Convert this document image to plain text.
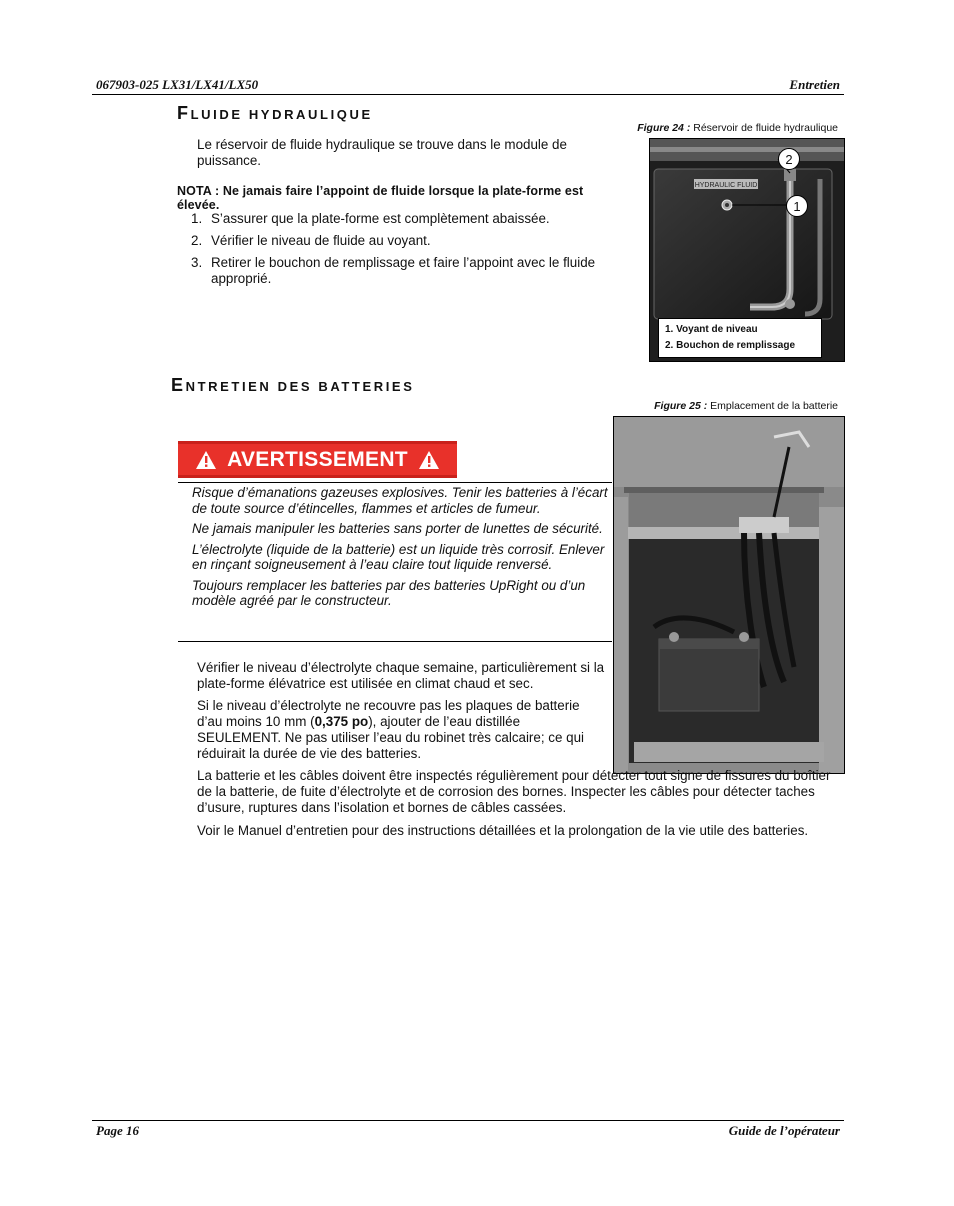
067903-025 LX31/LX41/LX50	Entretien
FLUIDE HYDRAULIQUE
Le réservoir de fluide hydraulique se trouve dans le module de puissance.
NOTA : Ne jamais faire l’appoint de fluide lorsque la plate-forme est élevée.
1. S’assurer que la plate-forme est complètement abaissée.
2. Vérifier le niveau de fluide au voyant.
3. Retirer le bouchon de remplissage et faire l’appoint avec le fluide approprié.
Figure 24 : Réservoir de fluide hydraulique
HYDRAULIC FLUID
2
1
1. Voyant de niveau
2. Bouchon de remplissage
ENTRETIEN DES BATTERIES
Figure 25 : Emplacement de la batterie
AVERTISSEMENT

Risque d’émanations gazeuses explosives. Tenir les batteries à l’écart de toute source d’étincelles, flammes et articles de fumeur.

Ne jamais manipuler les batteries sans porter de lunettes de sécurité.

L’électrolyte (liquide de la batterie) est un liquide très corrosif. Enlever en rinçant soigneusement à l’eau claire tout liquide renversé.

Toujours remplacer les batteries par des batteries UpRight ou d’un modèle agréé par le constructeur.

Vérifier le niveau d’électrolyte chaque semaine, particulièrement si la plate-forme élévatrice est utilisée en climat chaud et sec.
Si le niveau d’électrolyte ne recouvre pas les plaques de batterie d’au moins 10 mm (0,375 po), ajouter de l’eau distillée SEULEMENT. Ne pas utiliser l’eau du robinet très calcaire; ce qui réduirait la durée de vie des batteries.
La batterie et les câbles doivent être inspectés régulièrement pour détecter tout signe de fissures du boîtier de la batterie, de fuite d’électrolyte et de corrosion des bornes. Inspecter les câbles pour détecter taches d’usure, ruptures dans l’isolation et bornes de câbles cassées.
Voir le Manuel d’entretien pour des instructions détaillées et la prolongation de la vie utile des batteries.
Page 16	Guide de l’opérateur
